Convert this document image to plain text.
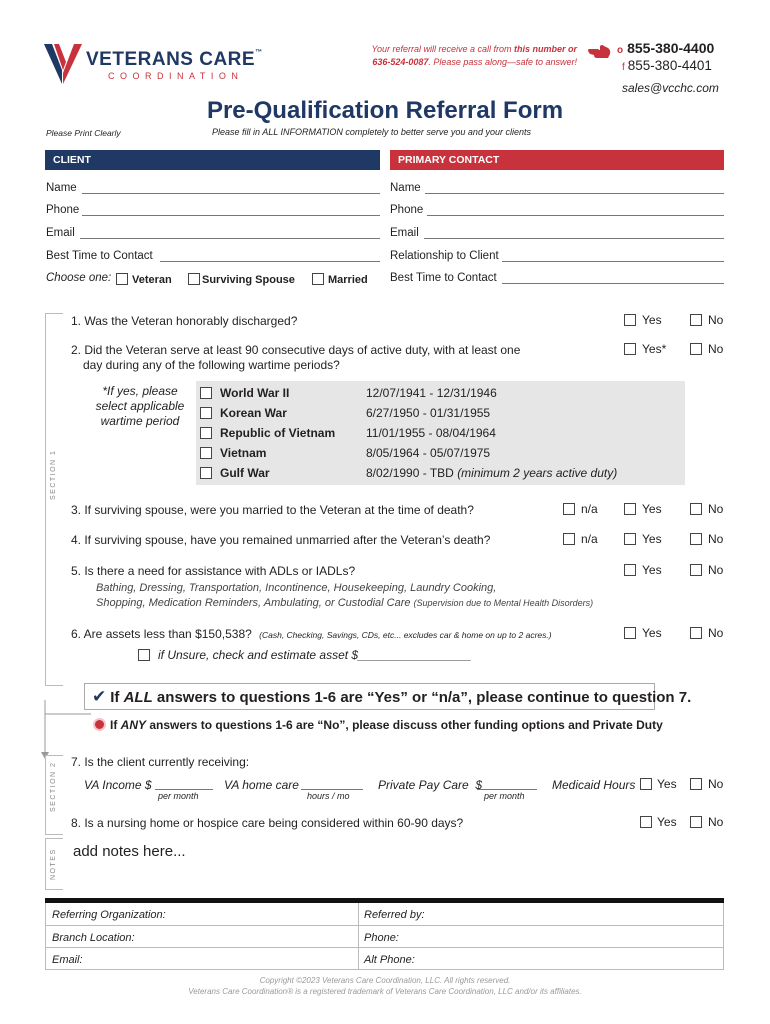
VETERANS CARE™
COORDINATION
Your referral will receive a call from this number or
636-524-0087. Please pass along—safe to answer!
o 855-380-4400
f 855-380-4401
sales@vcchc.com
Pre-Qualification Referral Form
Please Print Clearly	Please fill in ALL INFORMATION completely to better serve you and your clients
CLIENT	PRIMARY CONTACT
Name
Phone
Email
Best Time to Contact
Choose one:	Veteran	Surviving Spouse	Married
Name
Phone
Email
Relationship to Client
Best Time to Contact
SECTION 1
1. Was the Veteran honorably discharged?	Yes	No
2. Did the Veteran serve at least 90 consecutive days of active duty, with at least one
day during any of the following wartime periods?
Yes*	No
*If yes, please select applicable wartime period
World War II	12/07/1941 - 12/31/1946
Korean War	6/27/1950 - 01/31/1955
Republic of Vietnam	11/01/1955 - 08/04/1964
Vietnam	8/05/1964 - 05/07/1975
Gulf War	8/02/1990 - TBD (minimum 2 years active duty)
3. If surviving spouse, were you married to the Veteran at the time of death?	n/a	Yes	No
4. If surviving spouse, have you remained unmarried after the Veteran’s death?	n/a	Yes	No
5. Is there a need for assistance with ADLs or IADLs?	Yes	No
Bathing, Dressing, Transportation, Incontinence, Housekeeping, Laundry Cooking,
Shopping, Medication Reminders, Ambulating, or Custodial Care (Supervision due to Mental Health Disorders)
6. Are assets less than $150,538? (Cash, Checking, Savings, CDs, etc... excludes car & home on up to 2 acres.)	Yes	No
if Unsure, check and estimate asset $_________________
✔ If ALL answers to questions 1-6 are “Yes” or “n/a”, please continue to question 7.
If ANY answers to questions 1-6 are “No”, please discuss other funding options and Private Duty
SECTION 2 7. Is the client currently receiving:
VA Income $
per month
VA home care
hours / mo
Private Pay Care  $
per month
Medicaid Hours	Yes	No
8. Is a nursing home or hospice care being considered within 60-90 days?	Yes	No
NOTES add notes here...
Referring Organization:	Referred by:
Branch Location:	Phone:
Email:	Alt Phone:
Copyright ©2023 Veterans Care Coordination, LLC. All rights reserved.
Veterans Care Coordination® is a registered trademark of Veterans Care Coordination, LLC and/or its affiliates.
